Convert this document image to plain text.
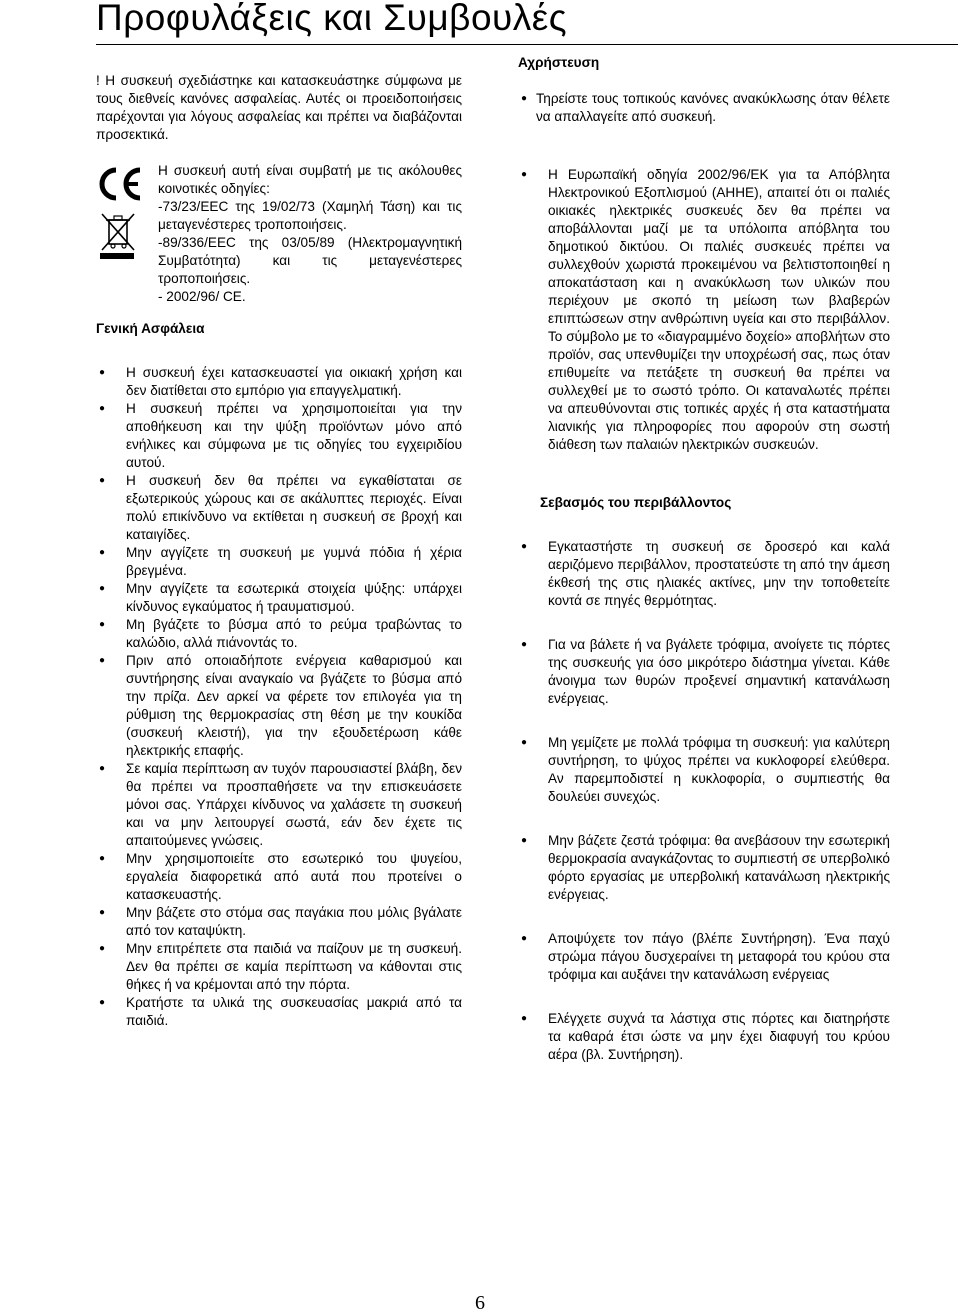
Προφυλάξεις και Συμβουλές

! Η συσκευή σχεδιάστηκε και κατασκευάστηκε σύμφωνα με τους διεθνείς κανόνες ασφαλείας. Αυτές οι προειδοποιήσεις παρέχονται για λόγους ασφαλείας και πρέπει να διαβάζονται προσεκτικά.

Η συσκευή αυτή είναι συμβατή με τις ακόλουθες κοινοτικές οδηγίες:

-73/23/EEC της 19/02/73 (Χαμηλή Τάση) και τις μεταγενέστερες τροποποιήσεις.

-89/336/EEC της 03/05/89 (Ηλεκτρομαγνητική Συμβατότητα) και τις μεταγενέστερες τροποποιήσεις.

- 2002/96/ CE.

Γενική Ασφάλεια
● Η συσκευή έχει κατασκευαστεί για οικιακή χρήση και δεν διατίθεται στο εμπόριο για επαγγελματική.
● Η συσκευή πρέπει να χρησιμοποιείται για την αποθήκευση και την ψύξη προϊόντων μόνο από ενήλικες και σύμφωνα με τις οδηγίες του εγχειριδίου αυτού.
● Η συσκευή δεν θα πρέπει να εγκαθίσταται σε εξωτερικούς χώρους και σε ακάλυπτες περιοχές. Είναι πολύ επικίνδυνο να εκτίθεται η συσκευή σε βροχή και καταιγίδες.
● Μην αγγίζετε τη συσκευή με γυμνά πόδια ή χέρια βρεγμένα.
● Μην αγγίζετε τα εσωτερικά στοιχεία ψύξης: υπάρχει κίνδυνος εγκαύματος ή τραυματισμού.
● Μη βγάζετε το βύσμα από το ρεύμα τραβώντας το καλώδιο, αλλά πιάνοντάς το.
● Πριν από οποιαδήποτε ενέργεια καθαρισμού και συντήρησης είναι αναγκαίο να βγάζετε το βύσμα από την πρίζα. Δεν αρκεί να φέρετε τον επιλογέα για τη ρύθμιση της θερμοκρασίας στη θέση με την κουκίδα (συσκευή κλειστή), για την εξουδετέρωση κάθε ηλεκτρικής επαφής.
● Σε καμία περίπτωση αν τυχόν παρουσιαστεί βλάβη, δεν θα πρέπει να προσπαθήσετε να την επισκευάσετε μόνοι σας. Υπάρχει κίνδυνος να χαλάσετε τη συσκευή και να μην λειτουργεί σωστά, εάν δεν έχετε τις απαιτούμενες γνώσεις.
● Μην χρησιμοποιείτε στο εσωτερικό του ψυγείου, εργαλεία διαφορετικά από αυτά που προτείνει ο κατασκευαστής.
● Μην βάζετε στο στόμα σας παγάκια που μόλις βγάλατε από τον καταψύκτη.
● Μην επιτρέπετε στα παιδιά να παίζουν με τη συσκευή. Δεν θα πρέπει σε καμία περίπτωση να κάθονται στις θήκες ή να κρέμονται από την πόρτα.
● Κρατήστε τα υλικά της συσκευασίας μακριά από τα παιδιά.
Αχρήστευση
● Τηρείστε τους τοπικούς κανόνες ανακύκλωσης όταν θέλετε να απαλλαγείτε από συσκευή.
● Η Ευρωπαϊκή οδηγία 2002/96/ΕΚ για τα Απόβλητα Ηλεκτρονικού Εξοπλισμού (ΑΗΗΕ), απαιτεί ότι οι παλιές οικιακές ηλεκτρικές συσκευές δεν θα πρέπει να αποβάλλονται μαζί με τα υπόλοιπα απόβλητα του δημοτικού δικτύου. Οι παλιές συσκευές πρέπει να συλλεχθούν χωριστά προκειμένου να βελτιστοποιηθεί η αποκατάσταση και η ανακύκλωση των υλικών που περιέχουν με σκοπό τη μείωση των βλαβερών επιπτώσεων στην ανθρώπινη υγεία και στο περιβάλλον. Το σύμβολο με το «διαγραμμένο δοχείο» αποβλήτων στο προϊόν, σας υπενθυμίζει την υποχρέωσή σας, πως όταν επιθυμείτε να πετάξετε τη συσκευή θα πρέπει να συλλεχθεί με το σωστό τρόπο. Οι καταναλωτές πρέπει να απευθύνονται στις τοπικές αρχές ή στα καταστήματα λιανικής για πληροφορίες που αφορούν στη σωστή διάθεση των παλαιών ηλεκτρικών συσκευών.
Σεβασμός του περιβάλλοντος
● Εγκαταστήστε τη συσκευή σε δροσερό και καλά αεριζόμενο περιβάλλον, προστατεύστε τη από την άμεση έκθεσή της στις ηλιακές ακτίνες, μην την τοποθετείτε κοντά σε πηγές θερμότητας.
● Για να βάλετε ή να βγάλετε τρόφιμα, ανοίγετε τις πόρτες της συσκευής για όσο μικρότερο διάστημα γίνεται. Κάθε άνοιγμα των θυρών προξενεί σημαντική κατανάλωση ενέργειας.
● Μη γεμίζετε με πολλά τρόφιμα τη συσκευή: για καλύτερη συντήρηση, το ψύχος πρέπει να κυκλοφορεί ελεύθερα. Αν παρεμποδιστεί η κυκλοφορία, ο συμπιεστής θα δουλεύει συνεχώς.
● Μην βάζετε ζεστά τρόφιμα: θα ανεβάσουν την εσωτερική θερμοκρασία αναγκάζοντας το συμπιεστή σε υπερβολικό φόρτο εργασίας με υπερβολική κατανάλωση ηλεκτρικής ενέργειας.
● Αποψύχετε τον πάγο (βλέπε Συντήρηση). Ένα παχύ στρώμα πάγου δυσχεραίνει τη μεταφορά του κρύου στα τρόφιμα και αυξάνει την κατανάλωση ενέργειας
● Ελέγχετε συχνά τα λάστιχα στις πόρτες και διατηρήστε τα καθαρά έτσι ώστε να μην έχει διαφυγή του κρύου αέρα (βλ. Συντήρηση).
6
